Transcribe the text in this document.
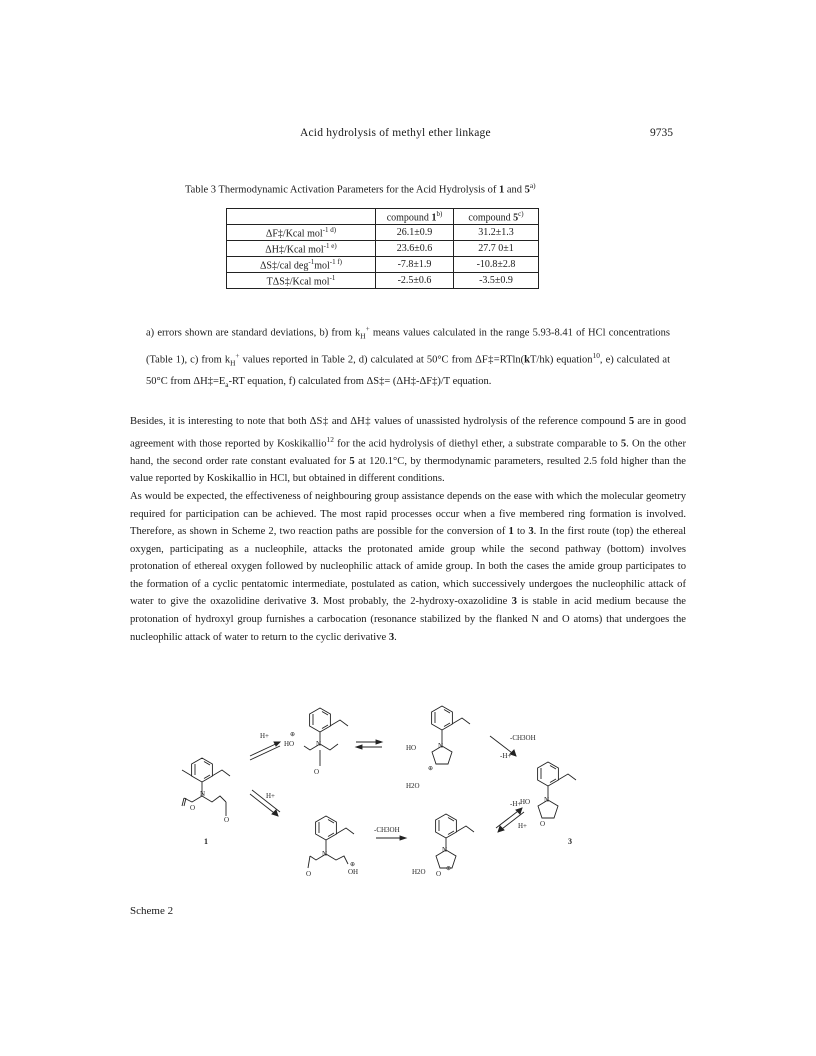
Acid hydrolysis of methyl ether linkage	9735
Table 3 Thermodynamic Activation Parameters for the Acid Hydrolysis of 1 and 5$^{a)}$
	compound 1$^{b)}$	compound 5$^{c)}$
ΔF‡/Kcal mol$^{-1 d)}$	26.1±0.9	31.2±1.3
ΔH‡/Kcal mol$^{-1 e)}$	23.6±0.6	27.7 0±1
ΔS‡/cal deg$^{-1}$mol$^{-1 f)}$	-7.8±1.9	-10.8±2.8
TΔS‡/Kcal mol$^{-1}$	-2.5±0.6	-3.5±0.9
a) errors shown are standard deviations, b) from $k_H^+$ means values calculated in the range 5.93-8.41 of HCl concentrations (Table 1), c) from $k_H^+$ values reported in Table 2, d) calculated at 50°C from ΔF‡=RTln(kT/hk) equation$^{10}$, e) calculated at 50°C from $\Delta H\ddagger=E_a-RT$ equation, f) calculated from ΔS‡= (ΔH‡-ΔF‡)/T equation.

Besides, it is interesting to note that both ΔS‡ and ΔH‡ values of unassisted hydrolysis of the reference compound 5 are in good agreement with those reported by Koskikallio$^{12}$ for the acid hydrolysis of diethyl ether, a substrate comparable to 5. On the other hand, the second order rate constant evaluated for 5 at 120.1°C, by thermodynamic parameters, resulted 2.5 fold higher than the value reported by Koskikallio in HCl, but obtained in different conditions.

As would be expected, the effectiveness of neighbouring group assistance depends on the ease with which the molecular geometry required for participation can be achieved. The most rapid processes occur when a five membered ring formation is involved. Therefore, as shown in Scheme 2, two reaction paths are possible for the conversion of 1 to 3. In the first route (top) the ethereal oxygen, participating as a nucleophile, attacks the protonated amide group while the second pathway (bottom) involves protonation of ethereal oxygen followed by nucleophilic attack of amide group. In both the cases the amide group participates to the formation of a cyclic pentatomic intermediate, postulated as cation, which successively undergoes the nucleophilic attack of water to give the oxazolidine derivative 3. Most probably, the 2-hydroxy-oxazolidine 3 is stable in acid medium because the protonation of hydroxyl group furnishes a carbocation (resonance stabilized by the flanked N and O atoms) that undergoes the nucleophilic attack of water to return to the cyclic derivative 3.

O
N
O
1
H+
H+
HO
⊕
N
O
HO	N
⊕
H2O
-CH3OH
-H+
HO N
O
3
O
N
OH
⊕
-CH3OH
N
O
⊕
H2O
-H+
H+
Scheme 2
